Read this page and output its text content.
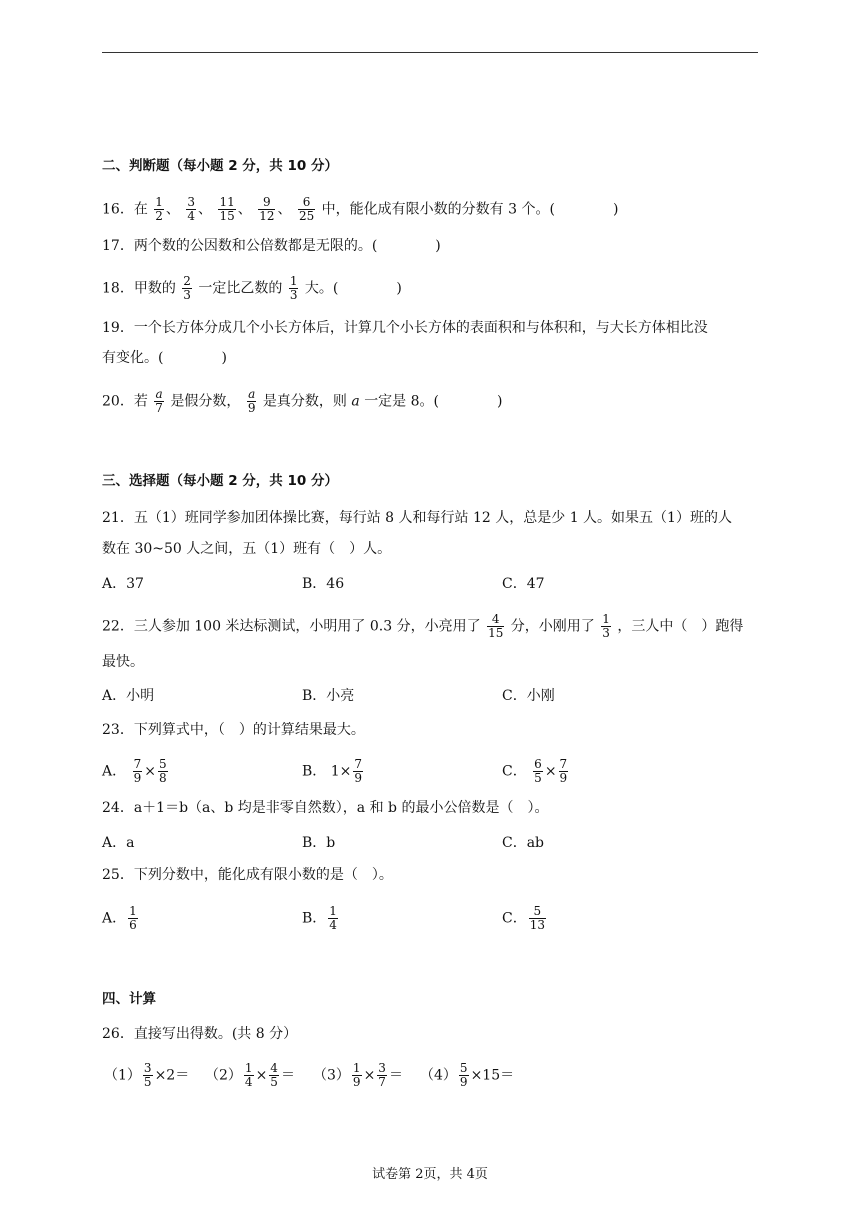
二、判断题（每小题 2 分，共 10 分）
16．在 $\frac{1}{2}$ 、 $\frac{3}{4}$ 、 $\frac{11}{15}$ 、 $\frac{9}{12}$ 、 $\frac{6}{25}$ 中，能化成有限小数的分数有 3 个。(	)
17．两个数的公因数和公倍数都是无限的。(	)
18．甲数的 $\frac{2}{3}$ 一定比乙数的 $\frac{1}{3}$ 大。(	)
19．一个长方体分成几个小长方体后，计算几个小长方体的表面积和与体积和，与大长方体相比没
有变化。(	)
20．若 $\frac{a}{7}$ 是假分数， $\frac{a}{9}$ 是真分数，则 a 一定是 8。(	)
三、选择题（每小题 2 分，共 10 分）
21．五（1）班同学参加团体操比赛，每行站 8 人和每行站 12 人，总是少 1 人。如果五（1）班的人
数在 30~50 人之间，五（1）班有（　）人。
A．37	B．46	C．47
22．三人参加 100 米达标测试，小明用了 0.3 分，小亮用了 $\frac{4}{15}$ 分，小刚用了 $\frac{1}{3}$ ，三人中（　）跑得
最快。
A．小明	B．小亮	C．小刚
23．下列算式中，（　）的计算结果最大。
A． $\frac{7}{9} \times \frac{5}{8}$	B． $1\times \frac{7}{9}$	C． $\frac{6}{5} \times \frac{7}{9}$
24．a＋1＝b（a、b 均是非零自然数），a 和 b 的最小公倍数是（　）。
A．a	B．b	C．ab
25．下列分数中，能化成有限小数的是（　）。
A． $\frac{1}{6}$	B． $\frac{1}{4}$	C． $\frac{5}{13}$
四、计算
26．直接写出得数。(共 8 分）
$(1) \frac{3}{5} \times 2= (2) \frac{1}{4} \times \frac{4}{5} = (3) \frac{1}{9} \times \frac{3}{7} = (4) \frac{5}{9} \times 15=$
试卷第 2页，共 4页
